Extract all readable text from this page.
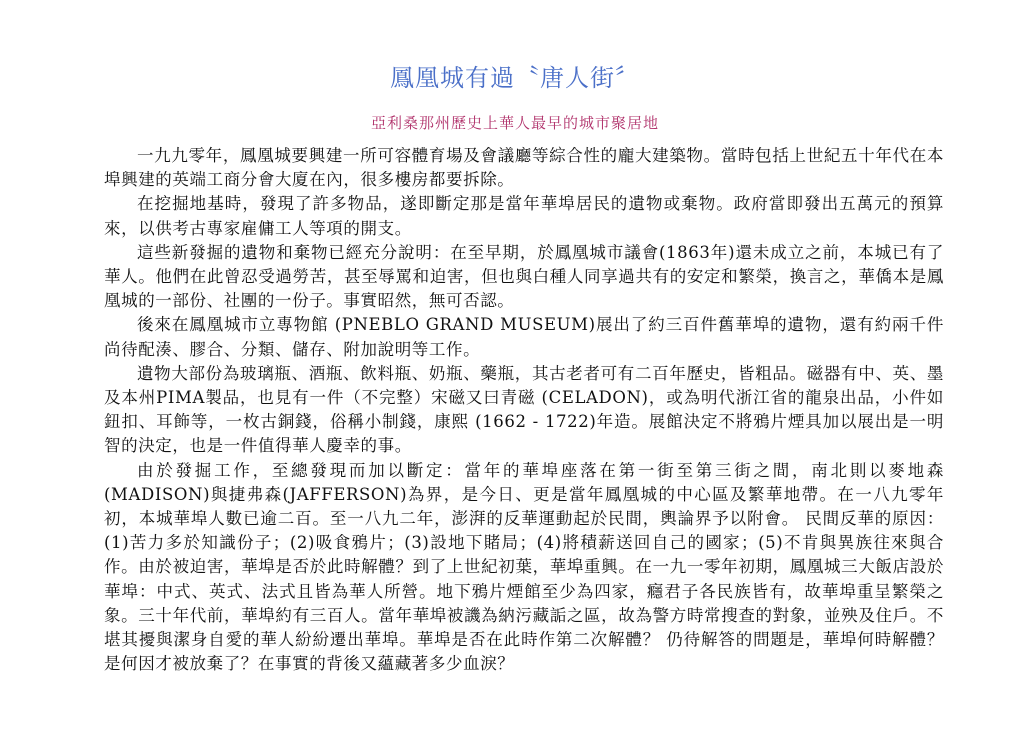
鳳凰城有過〝唐人街〞
亞利桑那州歷史上華人最早的城市聚居地

一九九零年，鳳凰城要興建一所可容體育場及會議廳等綜合性的龐大建築物。當時包括上世紀五十年代在本埠興建的英端工商分會大廈在內，很多樓房都要拆除。

在挖掘地基時，發現了許多物品，遂即斷定那是當年華埠居民的遺物或棄物。政府當即發出五萬元的預算來，以供考古專家雇傭工人等項的開支。

這些新發掘的遺物和棄物已經充分說明：在至早期，於鳳凰城市議會(1863年)還未成立之前，本城已有了華人。他們在此曾忍受過勞苦，甚至辱罵和迫害，但也與白種人同享過共有的安定和繁榮，換言之，華僑本是鳳凰城的一部份、社團的一份子。事實昭然，無可否認。

後來在鳳凰城市立專物館 (PNEBLO GRAND MUSEUM)展出了約三百件舊華埠的遺物，還有約兩千件尚待配湊、膠合、分類、儲存、附加說明等工作。

遺物大部份為玻璃瓶、酒瓶、飲料瓶、奶瓶、藥瓶，其古老者可有二百年歷史，皆粗品。磁器有中、英、墨及本州PIMA製品，也見有一件（不完整）宋磁又曰青磁 (CELADON)，或為明代浙江省的龍泉出品，小件如鈕扣、耳飾等，一枚古銅錢，俗稱小制錢，康熙 (1662 - 1722)年造。展館決定不將鴉片煙具加以展出是一明智的決定，也是一件值得華人慶幸的事。

由於發掘工作，至總發現而加以斷定：當年的華埠座落在第一街至第三街之間，南北則以麥地森(MADISON)與捷弗森(JAFFERSON)為界，是今日、更是當年鳳凰城的中心區及繁華地帶。在一八九零年初，本城華埠人數已逾二百。至一八九二年，澎湃的反華運動起於民間，輿論界予以附會。 民間反華的原因：(1)苦力多於知識份子；(2)吸食鴉片；(3)設地下賭局；(4)將積薪送回自己的國家；(5)不肯與異族往來與合作。由於被迫害，華埠是否於此時解體？到了上世紀初葉，華埠重興。在一九一零年初期，鳳凰城三大飯店設於華埠：中式、英式、法式且皆為華人所營。地下鴉片煙館至少為四家，癮君子各民族皆有，故華埠重呈繁榮之象。三十年代前，華埠約有三百人。當年華埠被譏為納污藏詬之區，故為警方時常搜查的對象，並殃及住戶。不堪其擾與潔身自愛的華人紛紛遷出華埠。華埠是否在此時作第二次解體？ 仍待解答的問題是，華埠何時解體？是何因才被放棄了？在事實的背後又蘊藏著多少血淚？
